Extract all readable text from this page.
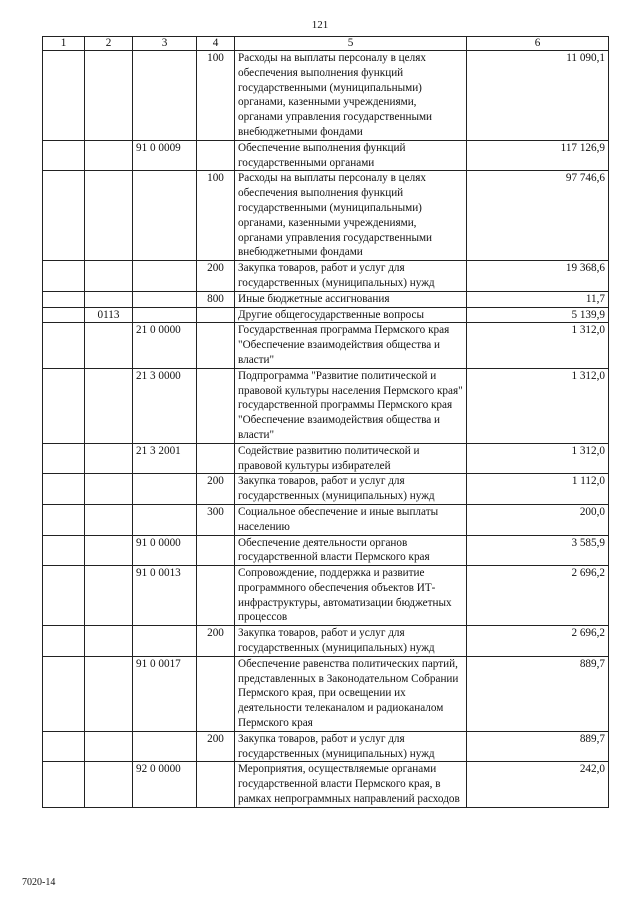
121
1	2	3	4	5	6
			100	Расходы на выплаты персоналу в целях обеспечения выполнения функций государственными (муниципальными) органами, казенными учреждениями, органами управления государственными внебюджетными фондами	11 090,1
		91 0 0009		Обеспечение выполнения функций государственными органами	117 126,9
			100	Расходы на выплаты персоналу в целях обеспечения выполнения функций государственными (муниципальными) органами, казенными учреждениями, органами управления государственными внебюджетными фондами	97 746,6
			200	Закупка товаров, работ и услуг для государственных (муниципальных) нужд	19 368,6
			800	Иные бюджетные ассигнования	11,7
	0113			Другие общегосударственные вопросы	5 139,9
		21 0 0000		Государственная программа Пермского края "Обеспечение взаимодействия общества и власти"	1 312,0
		21 3 0000		Подпрограмма "Развитие политической и правовой культуры населения Пермского края" государственной программы Пермского края "Обеспечение взаимодействия общества и власти"	1 312,0
		21 3 2001		Содействие развитию политической и правовой культуры избирателей	1 312,0
			200	Закупка товаров, работ и услуг для государственных (муниципальных) нужд	1 112,0
			300	Социальное обеспечение и иные выплаты населению	200,0
		91 0 0000		Обеспечение деятельности органов государственной власти Пермского края	3 585,9
		91 0 0013		Сопровождение, поддержка и развитие программного обеспечения объектов ИТ-инфраструктуры, автоматизации бюджетных процессов	2 696,2
			200	Закупка товаров, работ и услуг для государственных (муниципальных) нужд	2 696,2
		91 0 0017		Обеспечение равенства политических партий, представленных в Законодательном Собрании Пермского края, при освещении их деятельности телеканалом и радиоканалом Пермского края	889,7
			200	Закупка товаров, работ и услуг для государственных (муниципальных) нужд	889,7
		92 0 0000		Мероприятия, осуществляемые органами государственной власти Пермского края, в рамках непрограммных направлений расходов	242,0
7020-14
